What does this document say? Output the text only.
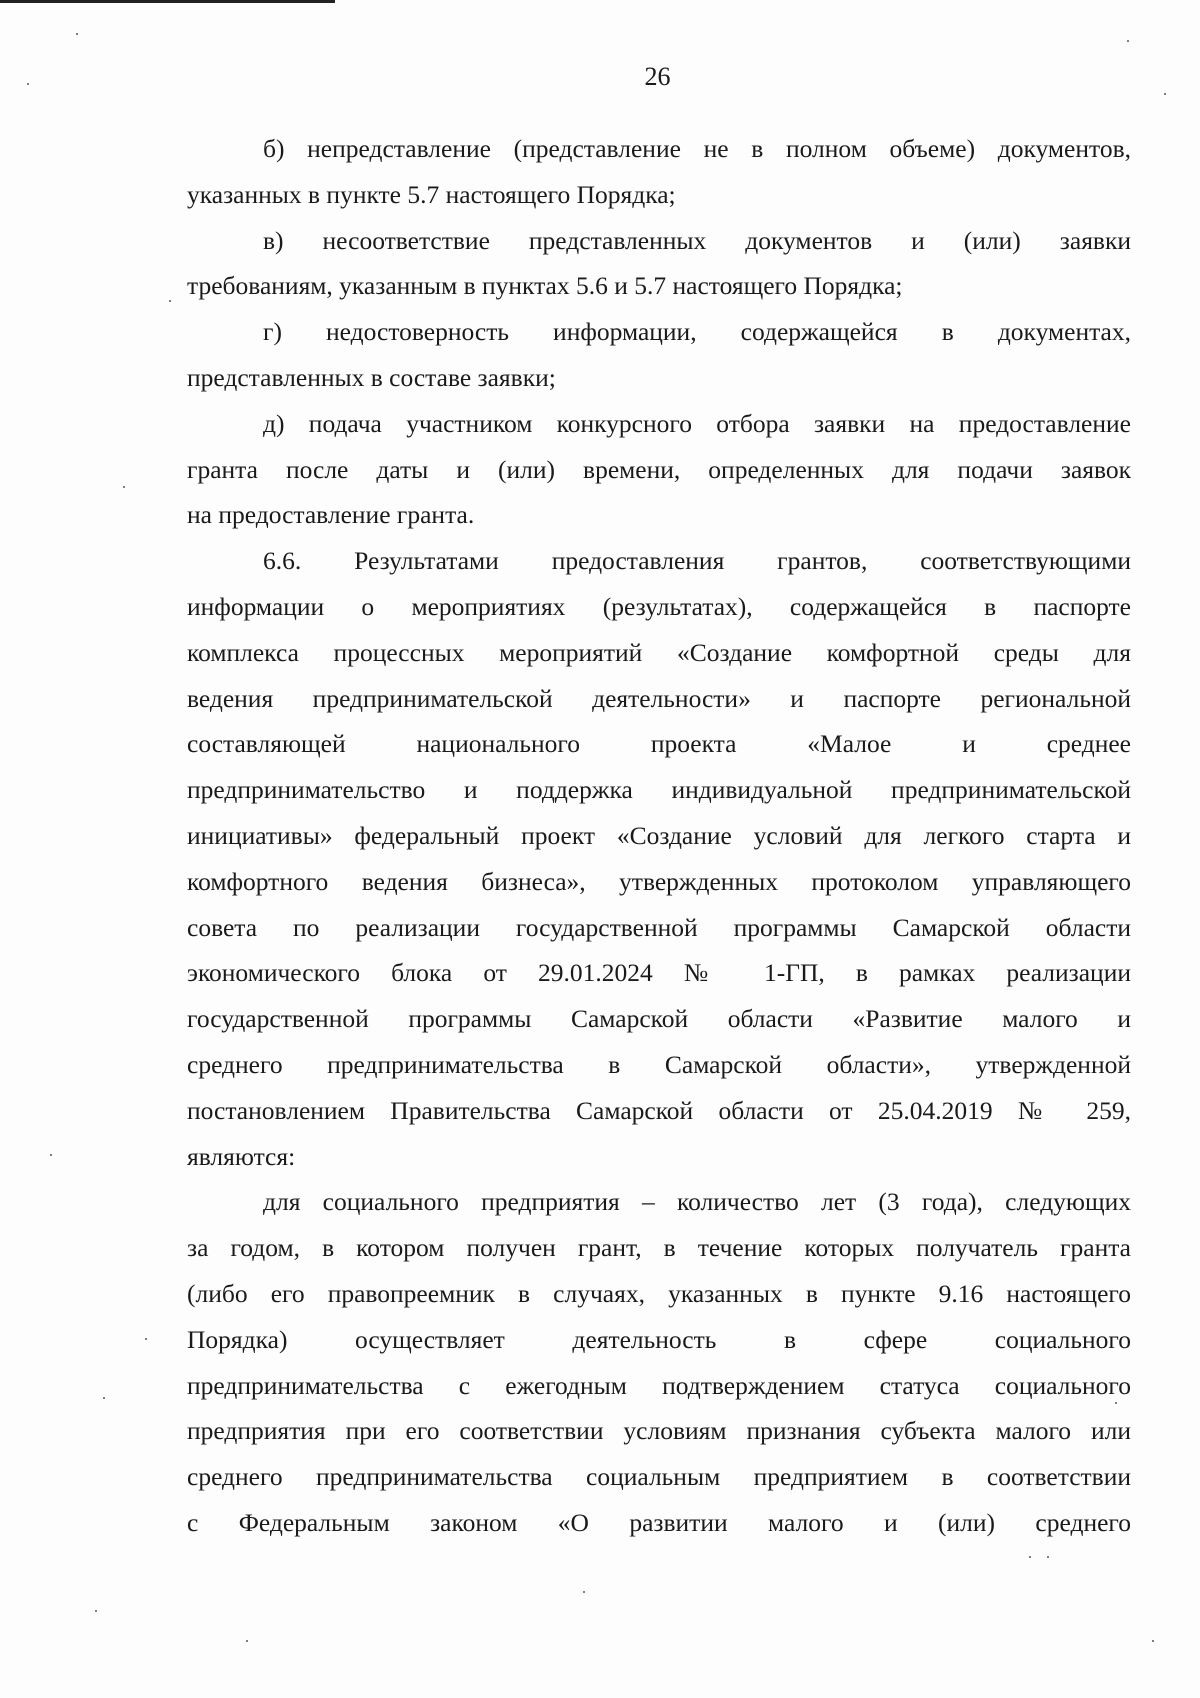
26
б) непредставление (представление не в полном объеме) документов,
указанных в пункте 5.7 настоящего Порядка;
в) несоответствие представленных документов и (или) заявки
требованиям, указанным в пунктах 5.6 и 5.7 настоящего Порядка;
г) недостоверность информации, содержащейся в документах,
представленных в составе заявки;
д) подача участником конкурсного отбора заявки на предоставление
гранта после даты и (или) времени, определенных для подачи заявок
на предоставление гранта.
6.6. Результатами предоставления грантов, соответствующими
информации о мероприятиях (результатах), содержащейся в паспорте
комплекса процессных мероприятий «Создание комфортной среды для
ведения предпринимательской деятельности» и паспорте региональной
составляющей национального проекта «Малое и среднее
предпринимательство и поддержка индивидуальной предпринимательской
инициативы» федеральный проект «Создание условий для легкого старта и
комфортного ведения бизнеса», утвержденных протоколом управляющего
совета по реализации государственной программы Самарской области
экономического блока от 29.01.2024 № 1-ГП, в рамках реализации
государственной программы Самарской области «Развитие малого и
среднего предпринимательства в Самарской области», утвержденной
постановлением Правительства Самарской области от 25.04.2019 № 259,
являются:
для социального предприятия – количество лет (3 года), следующих
за годом, в котором получен грант, в течение которых получатель гранта
(либо его правопреемник в случаях, указанных в пункте 9.16 настоящего
Порядка) осуществляет деятельность в сфере социального
предпринимательства с ежегодным подтверждением статуса социального
предприятия при его соответствии условиям признания субъекта малого или
среднего предпринимательства социальным предприятием в соответствии
с Федеральным законом «О развитии малого и (или) среднего
